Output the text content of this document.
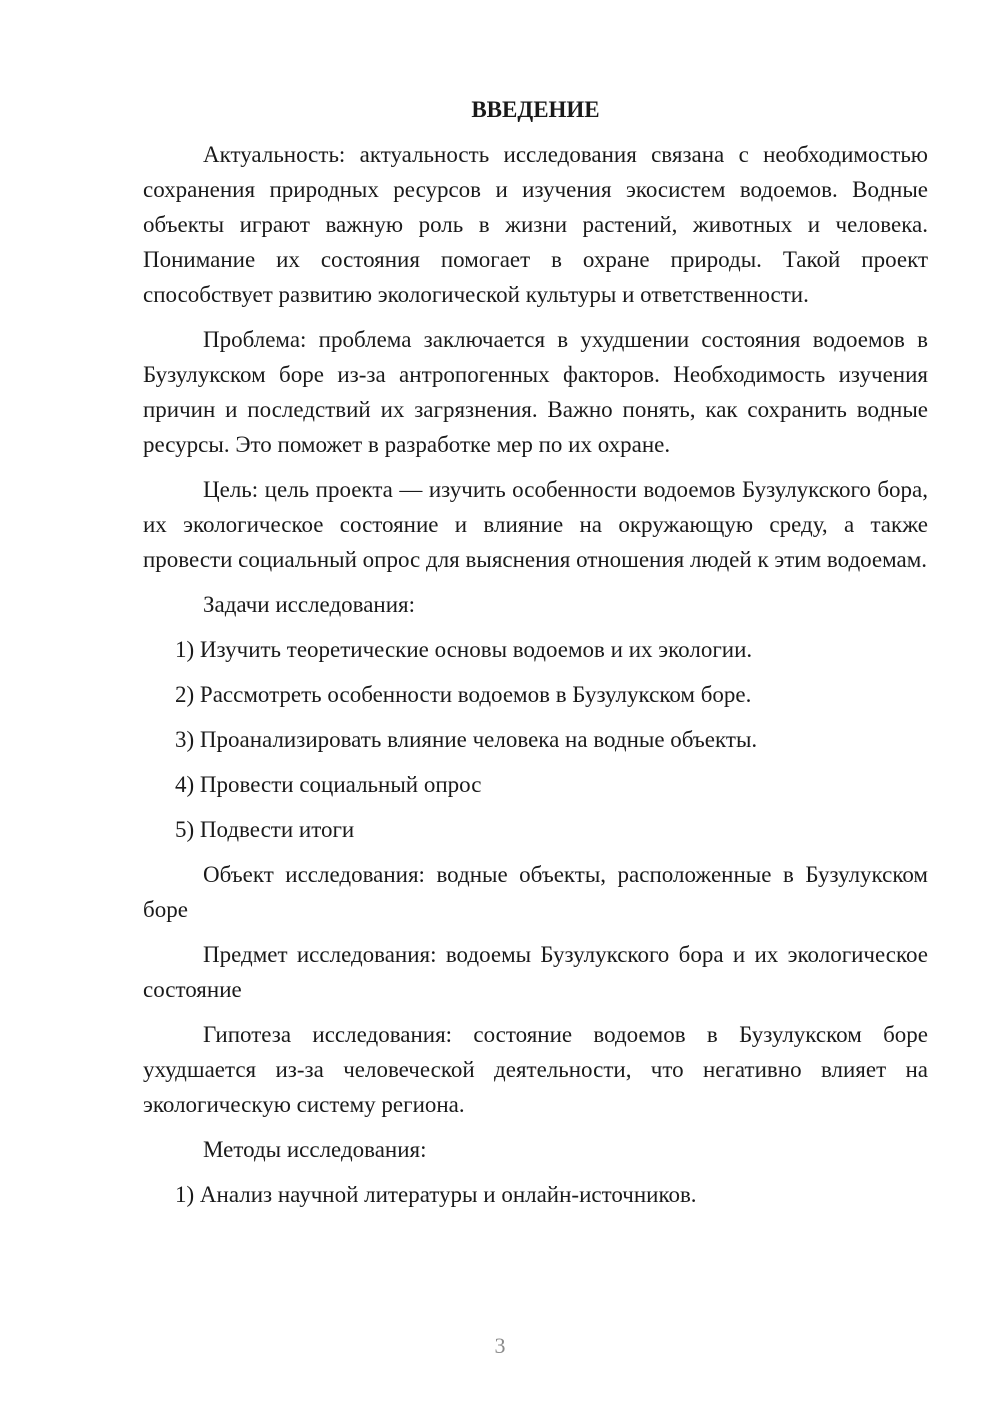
ВВЕДЕНИЕ

Актуальность: актуальность исследования связана с необходимостью сохранения природных ресурсов и изучения экосистем водоемов. Водные объекты играют важную роль в жизни растений, животных и человека. Понимание их состояния помогает в охране природы. Такой проект способствует развитию экологической культуры и ответственности.

Проблема: проблема заключается в ухудшении состояния водоемов в Бузулукском боре из-за антропогенных факторов. Необходимость изучения причин и последствий их загрязнения. Важно понять, как сохранить водные ресурсы. Это поможет в разработке мер по их охране.

Цель: цель проекта — изучить особенности водоемов Бузулукского бора, их экологическое состояние и влияние на окружающую среду, а также провести социальный опрос для выяснения отношения людей к этим водоемам.

Задачи исследования:

1) Изучить теоретические основы водоемов и их экологии.

2) Рассмотреть особенности водоемов в Бузулукском боре.

3) Проанализировать влияние человека на водные объекты.

4) Провести социальный опрос

5) Подвести итоги

Объект исследования: водные объекты, расположенные в Бузулукском боре

Предмет исследования: водоемы Бузулукского бора и их экологическое состояние

Гипотеза исследования: состояние водоемов в Бузулукском боре ухудшается из-за человеческой деятельности, что негативно влияет на экологическую систему региона.

Методы исследования:

1) Анализ научной литературы и онлайн-источников.

3
